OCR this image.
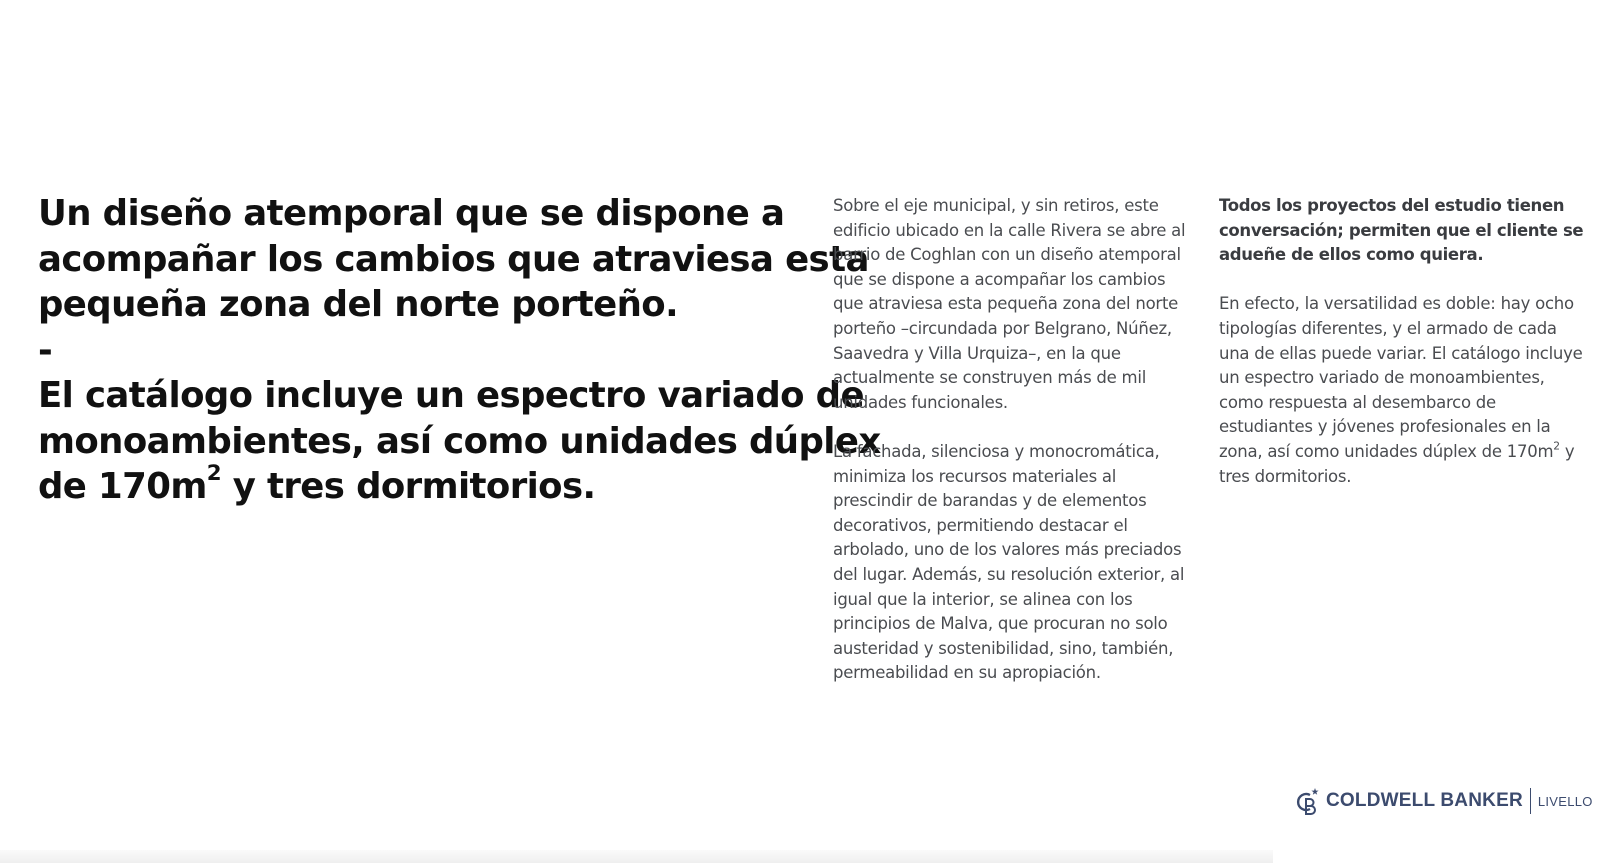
Un diseño atemporal que se dispone a
acompañar los cambios que atraviesa esta
pequeña zona del norte porteño.
-
El catálogo incluye un espectro variado de
monoambientes, así como unidades dúplex
de $170m^2$ y tres dormitorios.
Sobre el eje municipal, y sin retiros, este
edificio ubicado en la calle Rivera se abre al
barrio de Coghlan con un diseño atemporal
que se dispone a acompañar los cambios
que atraviesa esta pequeña zona del norte
porteño –circundada por Belgrano, Núñez,
Saavedra y Villa Urquiza–, en la que
actualmente se construyen más de mil
unidades funcionales.
La fachada, silenciosa y monocromática,
minimiza los recursos materiales al
prescindir de barandas y de elementos
decorativos, permitiendo destacar el
arbolado, uno de los valores más preciados
del lugar. Además, su resolución exterior, al
igual que la interior, se alinea con los
principios de Malva, que procuran no solo
austeridad y sostenibilidad, sino, también,
permeabilidad en su apropiación.
Todos los proyectos del estudio tienen
conversación; permiten que el cliente se
adueñe de ellos como quiera.
En efecto, la versatilidad es doble: hay ocho
tipologías diferentes, y el armado de cada
una de ellas puede variar. El catálogo incluye
un espectro variado de monoambientes,
como respuesta al desembarco de
estudiantes y jóvenes profesionales en la
zona, así como unidades dúplex de $170m^2$ y
tres dormitorios.
COLDWELL BANKER LIVELLO
